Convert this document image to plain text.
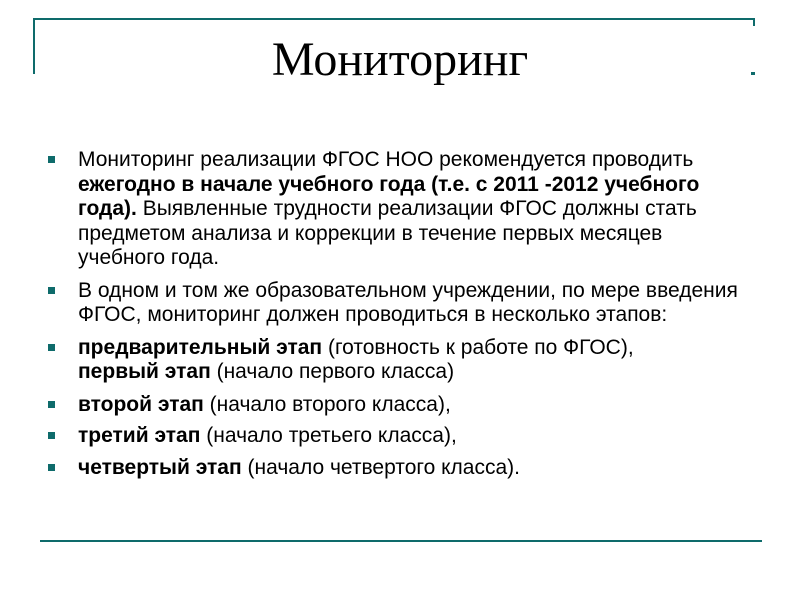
Мониторинг
Мониторинг реализации ФГОС НОО рекомендуется проводить ежегодно в начале учебного года (т.е. с 2011 -2012 учебного года). Выявленные трудности реализации ФГОС должны стать предметом анализа и коррекции в течение первых месяцев учебного года.
В одном и том же образовательном учреждении, по мере введения ФГОС, мониторинг должен проводиться в несколько этапов:
предварительный этап (готовность к работе по ФГОС),
первый этап (начало первого класса)
второй этап (начало второго класса),
третий этап (начало третьего класса),
четвертый этап (начало четвертого класса).
